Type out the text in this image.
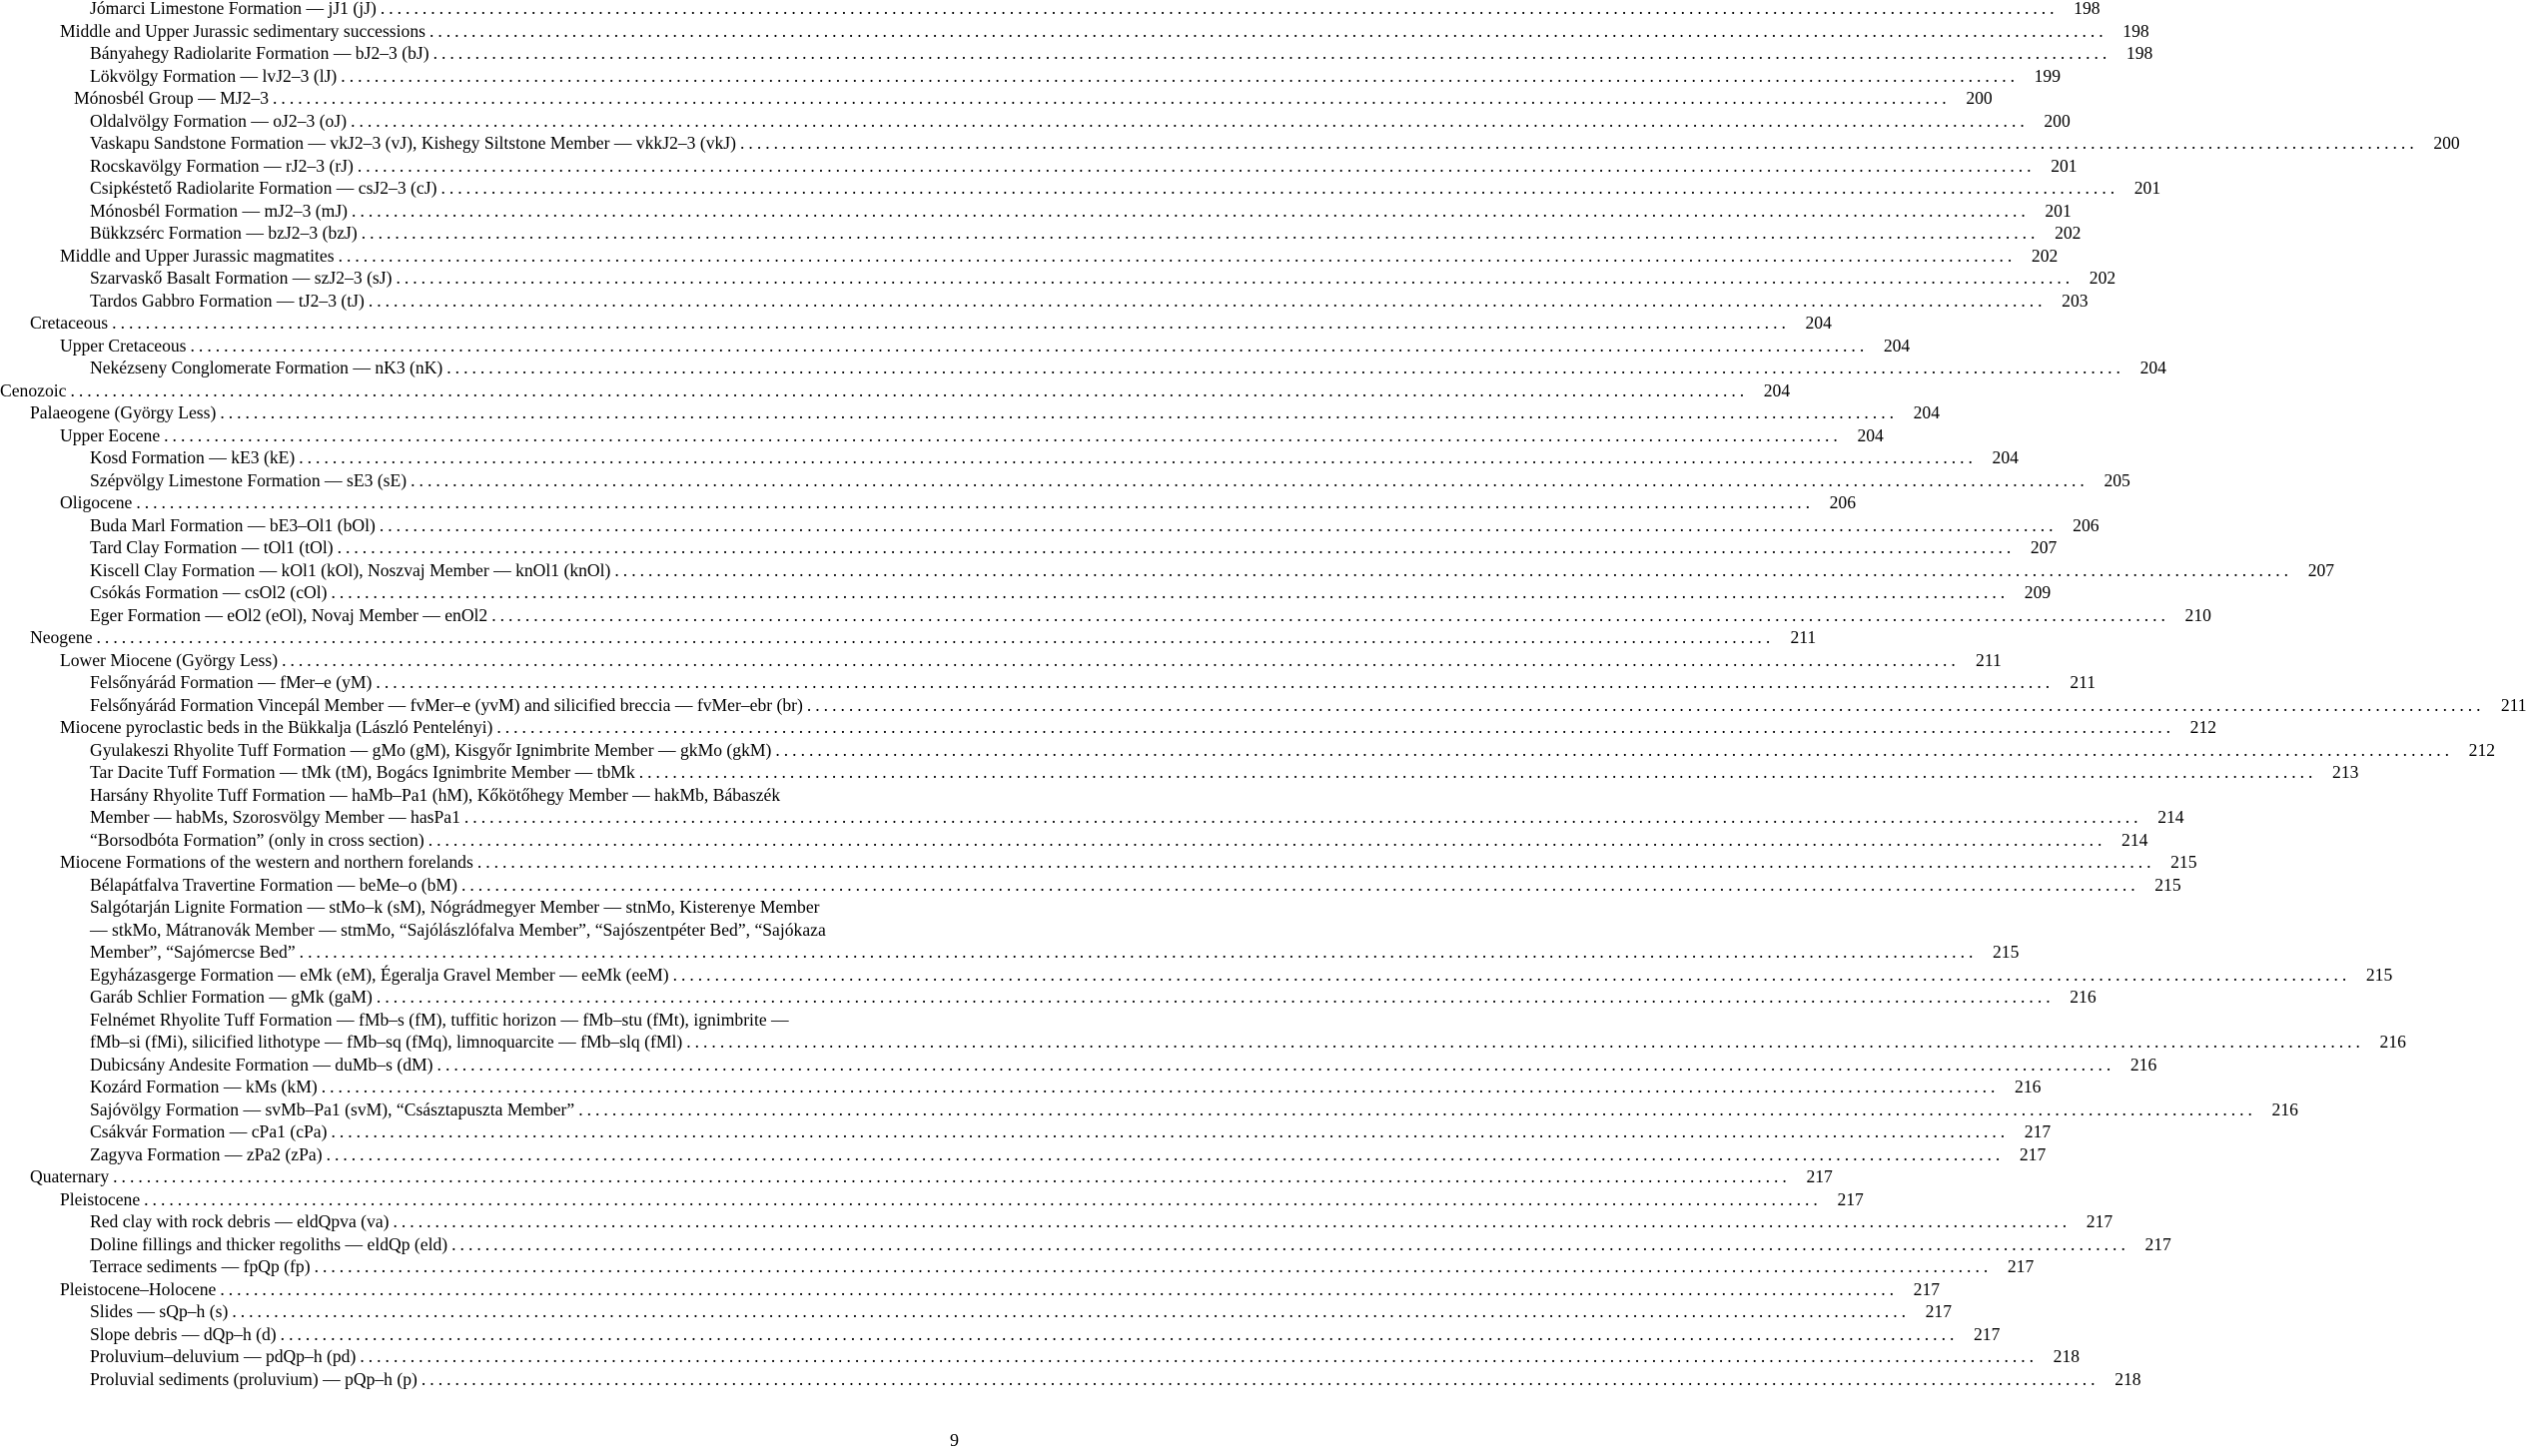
Jómarci Limestone Formation — jJ1 (jJ) ........................................................................................................................................................................................................ 198
Middle and Upper Jurassic sedimentary successions ........................................................................................................................................................................................................ 198
Bányahegy Radiolarite Formation — bJ2–3 (bJ) ........................................................................................................................................................................................................ 198
Lökvölgy Formation — lvJ2–3 (lJ) ........................................................................................................................................................................................................ 199
Mónosbél Group — MJ2–3 ........................................................................................................................................................................................................ 200
Oldalvölgy Formation — oJ2–3 (oJ) ........................................................................................................................................................................................................ 200
Vaskapu Sandstone Formation — vkJ2–3 (vJ), Kishegy Siltstone Member — vkkJ2–3 (vkJ) ........................................................................................................................................................................................................ 200
Rocskavölgy Formation — rJ2–3 (rJ) ........................................................................................................................................................................................................ 201
Csipkéstető Radiolarite Formation — csJ2–3 (cJ) ........................................................................................................................................................................................................ 201
Mónosbél Formation — mJ2–3 (mJ) ........................................................................................................................................................................................................ 201
Bükkzsérc Formation — bzJ2–3 (bzJ) ........................................................................................................................................................................................................ 202
Middle and Upper Jurassic magmatites ........................................................................................................................................................................................................ 202
Szarvaskő Basalt Formation — szJ2–3 (sJ) ........................................................................................................................................................................................................ 202
Tardos Gabbro Formation — tJ2–3 (tJ) ........................................................................................................................................................................................................ 203
Cretaceous ........................................................................................................................................................................................................ 204
Upper Cretaceous ........................................................................................................................................................................................................ 204
Nekézseny Conglomerate Formation — nK3 (nK) ........................................................................................................................................................................................................ 204
Cenozoic ........................................................................................................................................................................................................ 204
Palaeogene (György Less) ........................................................................................................................................................................................................ 204
Upper Eocene ........................................................................................................................................................................................................ 204
Kosd Formation — kE3 (kE) ........................................................................................................................................................................................................ 204
Szépvölgy Limestone Formation — sE3 (sE) ........................................................................................................................................................................................................ 205
Oligocene ........................................................................................................................................................................................................ 206
Buda Marl Formation — bE3–Ol1 (bOl) ........................................................................................................................................................................................................ 206
Tard Clay Formation — tOl1 (tOl) ........................................................................................................................................................................................................ 207
Kiscell Clay Formation — kOl1 (kOl), Noszvaj Member — knOl1 (knOl) ........................................................................................................................................................................................................ 207
Csókás Formation — csOl2 (cOl) ........................................................................................................................................................................................................ 209
Eger Formation — eOl2 (eOl), Novaj Member — enOl2 ........................................................................................................................................................................................................ 210
Neogene ........................................................................................................................................................................................................ 211
Lower Miocene (György Less) ........................................................................................................................................................................................................ 211
Felsőnyárád Formation — fMer–e (yM) ........................................................................................................................................................................................................ 211
Felsőnyárád Formation Vincepál Member — fvMer–e (yvM) and silicified breccia — fvMer–ebr (br) ........................................................................................................................................................................................................ 211
Miocene pyroclastic beds in the Bükkalja (László Pentelényi) ........................................................................................................................................................................................................ 212
Gyulakeszi Rhyolite Tuff Formation — gMo (gM), Kisgyőr Ignimbrite Member — gkMo (gkM) ........................................................................................................................................................................................................ 212
Tar Dacite Tuff Formation — tMk (tM), Bogács Ignimbrite Member — tbMk ........................................................................................................................................................................................................ 213
Harsány Rhyolite Tuff Formation — haMb–Pa1 (hM), Kőkötőhegy Member — hakMb, Bábaszék
Member — habMs, Szorosvölgy Member — hasPa1 ........................................................................................................................................................................................................ 214
“Borsodbóta Formation” (only in cross section) ........................................................................................................................................................................................................ 214
Miocene Formations of the western and northern forelands ........................................................................................................................................................................................................ 215
Bélapátfalva Travertine Formation — beMe–o (bM) ........................................................................................................................................................................................................ 215
Salgótarján Lignite Formation — stMo–k (sM), Nógrádmegyer Member — stnMo, Kisterenye Member
— stkMo, Mátranovák Member — stmMo, “Sajólászlófalva Member”, “Sajószentpéter Bed”, “Sajókaza
Member”, “Sajómercse Bed” ........................................................................................................................................................................................................ 215
Egyházasgerge Formation — eMk (eM), Égeralja Gravel Member — eeMk (eeM) ........................................................................................................................................................................................................ 215
Garáb Schlier Formation — gMk (gaM) ........................................................................................................................................................................................................ 216
Felnémet Rhyolite Tuff Formation — fMb–s (fM), tuffitic horizon — fMb–stu (fMt), ignimbrite —
fMb–si (fMi), silicified lithotype — fMb–sq (fMq), limnoquarcite — fMb–slq (fMl) ........................................................................................................................................................................................................ 216
Dubicsány Andesite Formation — duMb–s (dM) ........................................................................................................................................................................................................ 216
Kozárd Formation — kMs (kM) ........................................................................................................................................................................................................ 216
Sajóvölgy Formation — svMb–Pa1 (svM), “Császtapuszta Member” ........................................................................................................................................................................................................ 216
Csákvár Formation — cPa1 (cPa) ........................................................................................................................................................................................................ 217
Zagyva Formation — zPa2 (zPa) ........................................................................................................................................................................................................ 217
Quaternary ........................................................................................................................................................................................................ 217
Pleistocene ........................................................................................................................................................................................................ 217
Red clay with rock debris — eldQpva (va) ........................................................................................................................................................................................................ 217
Doline fillings and thicker regoliths — eldQp (eld) ........................................................................................................................................................................................................ 217
Terrace sediments — fpQp (fp) ........................................................................................................................................................................................................ 217
Pleistocene–Holocene ........................................................................................................................................................................................................ 217
Slides — sQp–h (s) ........................................................................................................................................................................................................ 217
Slope debris — dQp–h (d) ........................................................................................................................................................................................................ 217
Proluvium–deluvium — pdQp–h (pd) ........................................................................................................................................................................................................ 218
Proluvial sediments (proluvium) — pQp–h (p) ........................................................................................................................................................................................................ 218
9
